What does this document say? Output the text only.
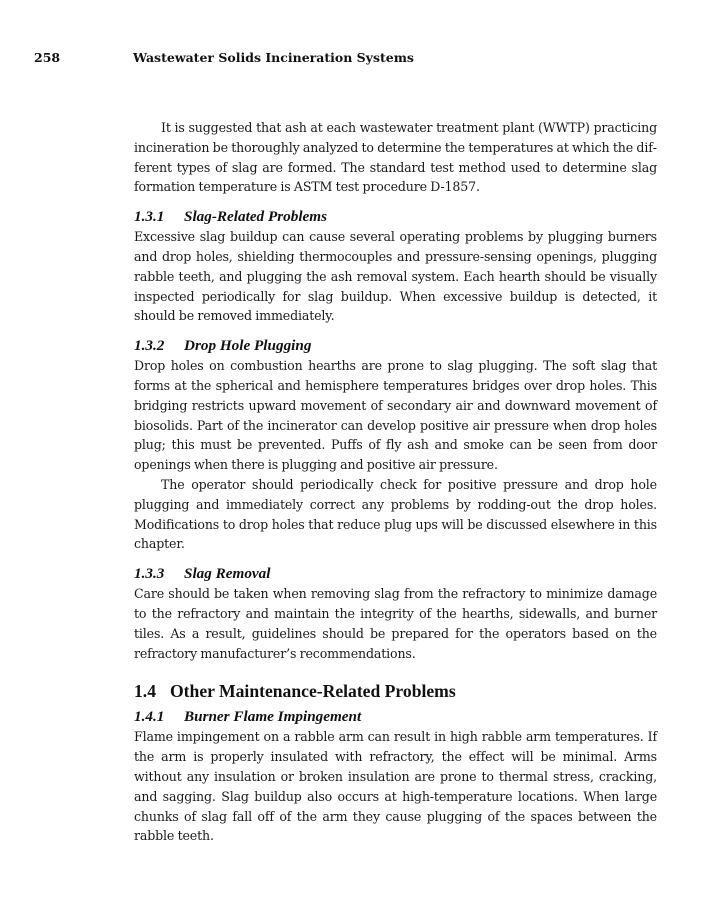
258	Wastewater Solids Incineration Systems

It is suggested that ash at each wastewater treatment plant (WWTP) practicing incineration be thoroughly analyzed to determine the temperatures at which the different types of slag are formed. The standard test method used to determine slag formation temperature is ASTM test procedure D-1857.

1.3.1 Slag-Related Problems

Excessive slag buildup can cause several operating problems by plugging burners and drop holes, shielding thermocouples and pressure-sensing openings, plugging rabble teeth, and plugging the ash removal system. Each hearth should be visually inspected periodically for slag buildup. When excessive buildup is detected, it should be removed immediately.

1.3.2 Drop Hole Plugging

Drop holes on combustion hearths are prone to slag plugging. The soft slag that forms at the spherical and hemisphere temperatures bridges over drop holes. This bridging restricts upward movement of secondary air and downward movement of biosolids. Part of the incinerator can develop positive air pressure when drop holes plug; this must be prevented. Puffs of fly ash and smoke can be seen from door openings when there is plugging and positive air pressure.

The operator should periodically check for positive pressure and drop hole plugging and immediately correct any problems by rodding-out the drop holes. Modifications to drop holes that reduce plug ups will be discussed elsewhere in this chapter.

1.3.3 Slag Removal

Care should be taken when removing slag from the refractory to minimize damage to the refractory and maintain the integrity of the hearths, sidewalls, and burner tiles. As a result, guidelines should be prepared for the operators based on the refractory manufacturer’s recommendations.

1.4 Other Maintenance-Related Problems
1.4.1 Burner Flame Impingement

Flame impingement on a rabble arm can result in high rabble arm temperatures. If the arm is properly insulated with refractory, the effect will be minimal. Arms without any insulation or broken insulation are prone to thermal stress, cracking, and sagging. Slag buildup also occurs at high-temperature locations. When large chunks of slag fall off of the arm they cause plugging of the spaces between the rabble teeth.
